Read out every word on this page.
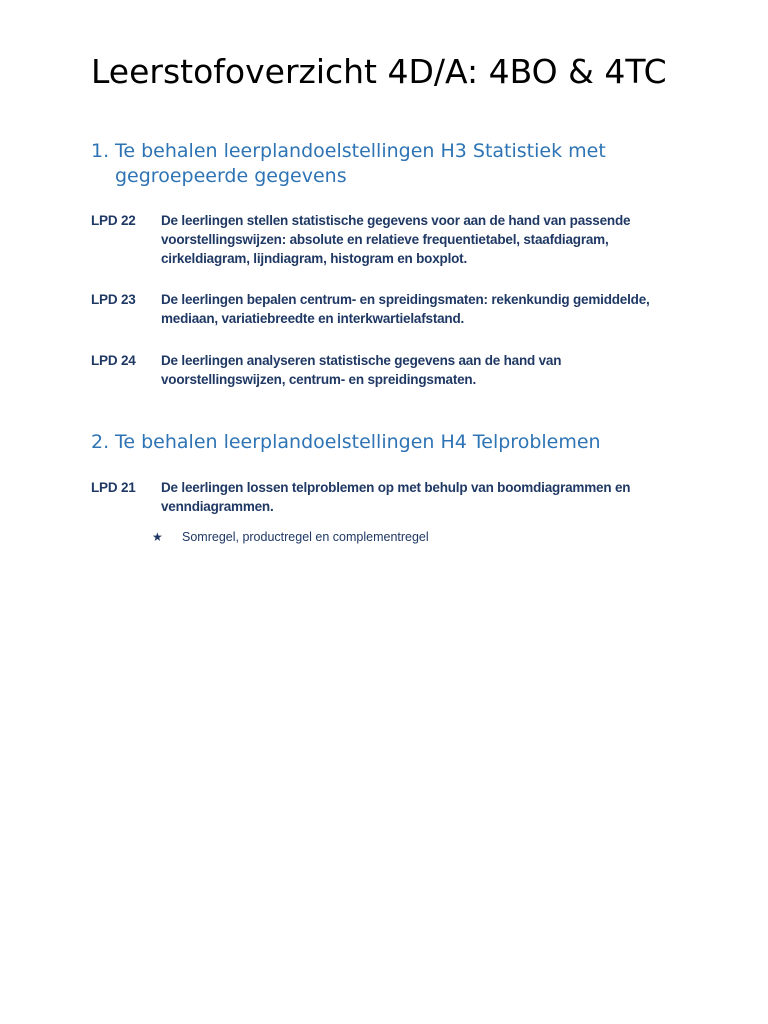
Leerstofoverzicht 4D/A: 4BO & 4TC
1. Te behalen leerplandoelstellingen H3 Statistiek met gegroepeerde gegevens
LPD 22	De leerlingen stellen statistische gegevens voor aan de hand van passende voorstellingswijzen: absolute en relatieve frequentietabel, staafdiagram, cirkeldiagram, lijndiagram, histogram en boxplot.
LPD 23	De leerlingen bepalen centrum- en spreidingsmaten: rekenkundig gemiddelde, mediaan, variatiebreedte en interkwartielafstand.
LPD 24	De leerlingen analyseren statistische gegevens aan de hand van voorstellingswijzen, centrum- en spreidingsmaten.
2. Te behalen leerplandoelstellingen H4 Telproblemen
LPD 21	De leerlingen lossen telproblemen op met behulp van boomdiagrammen en venndiagrammen.
★	Somregel, productregel en complementregel
